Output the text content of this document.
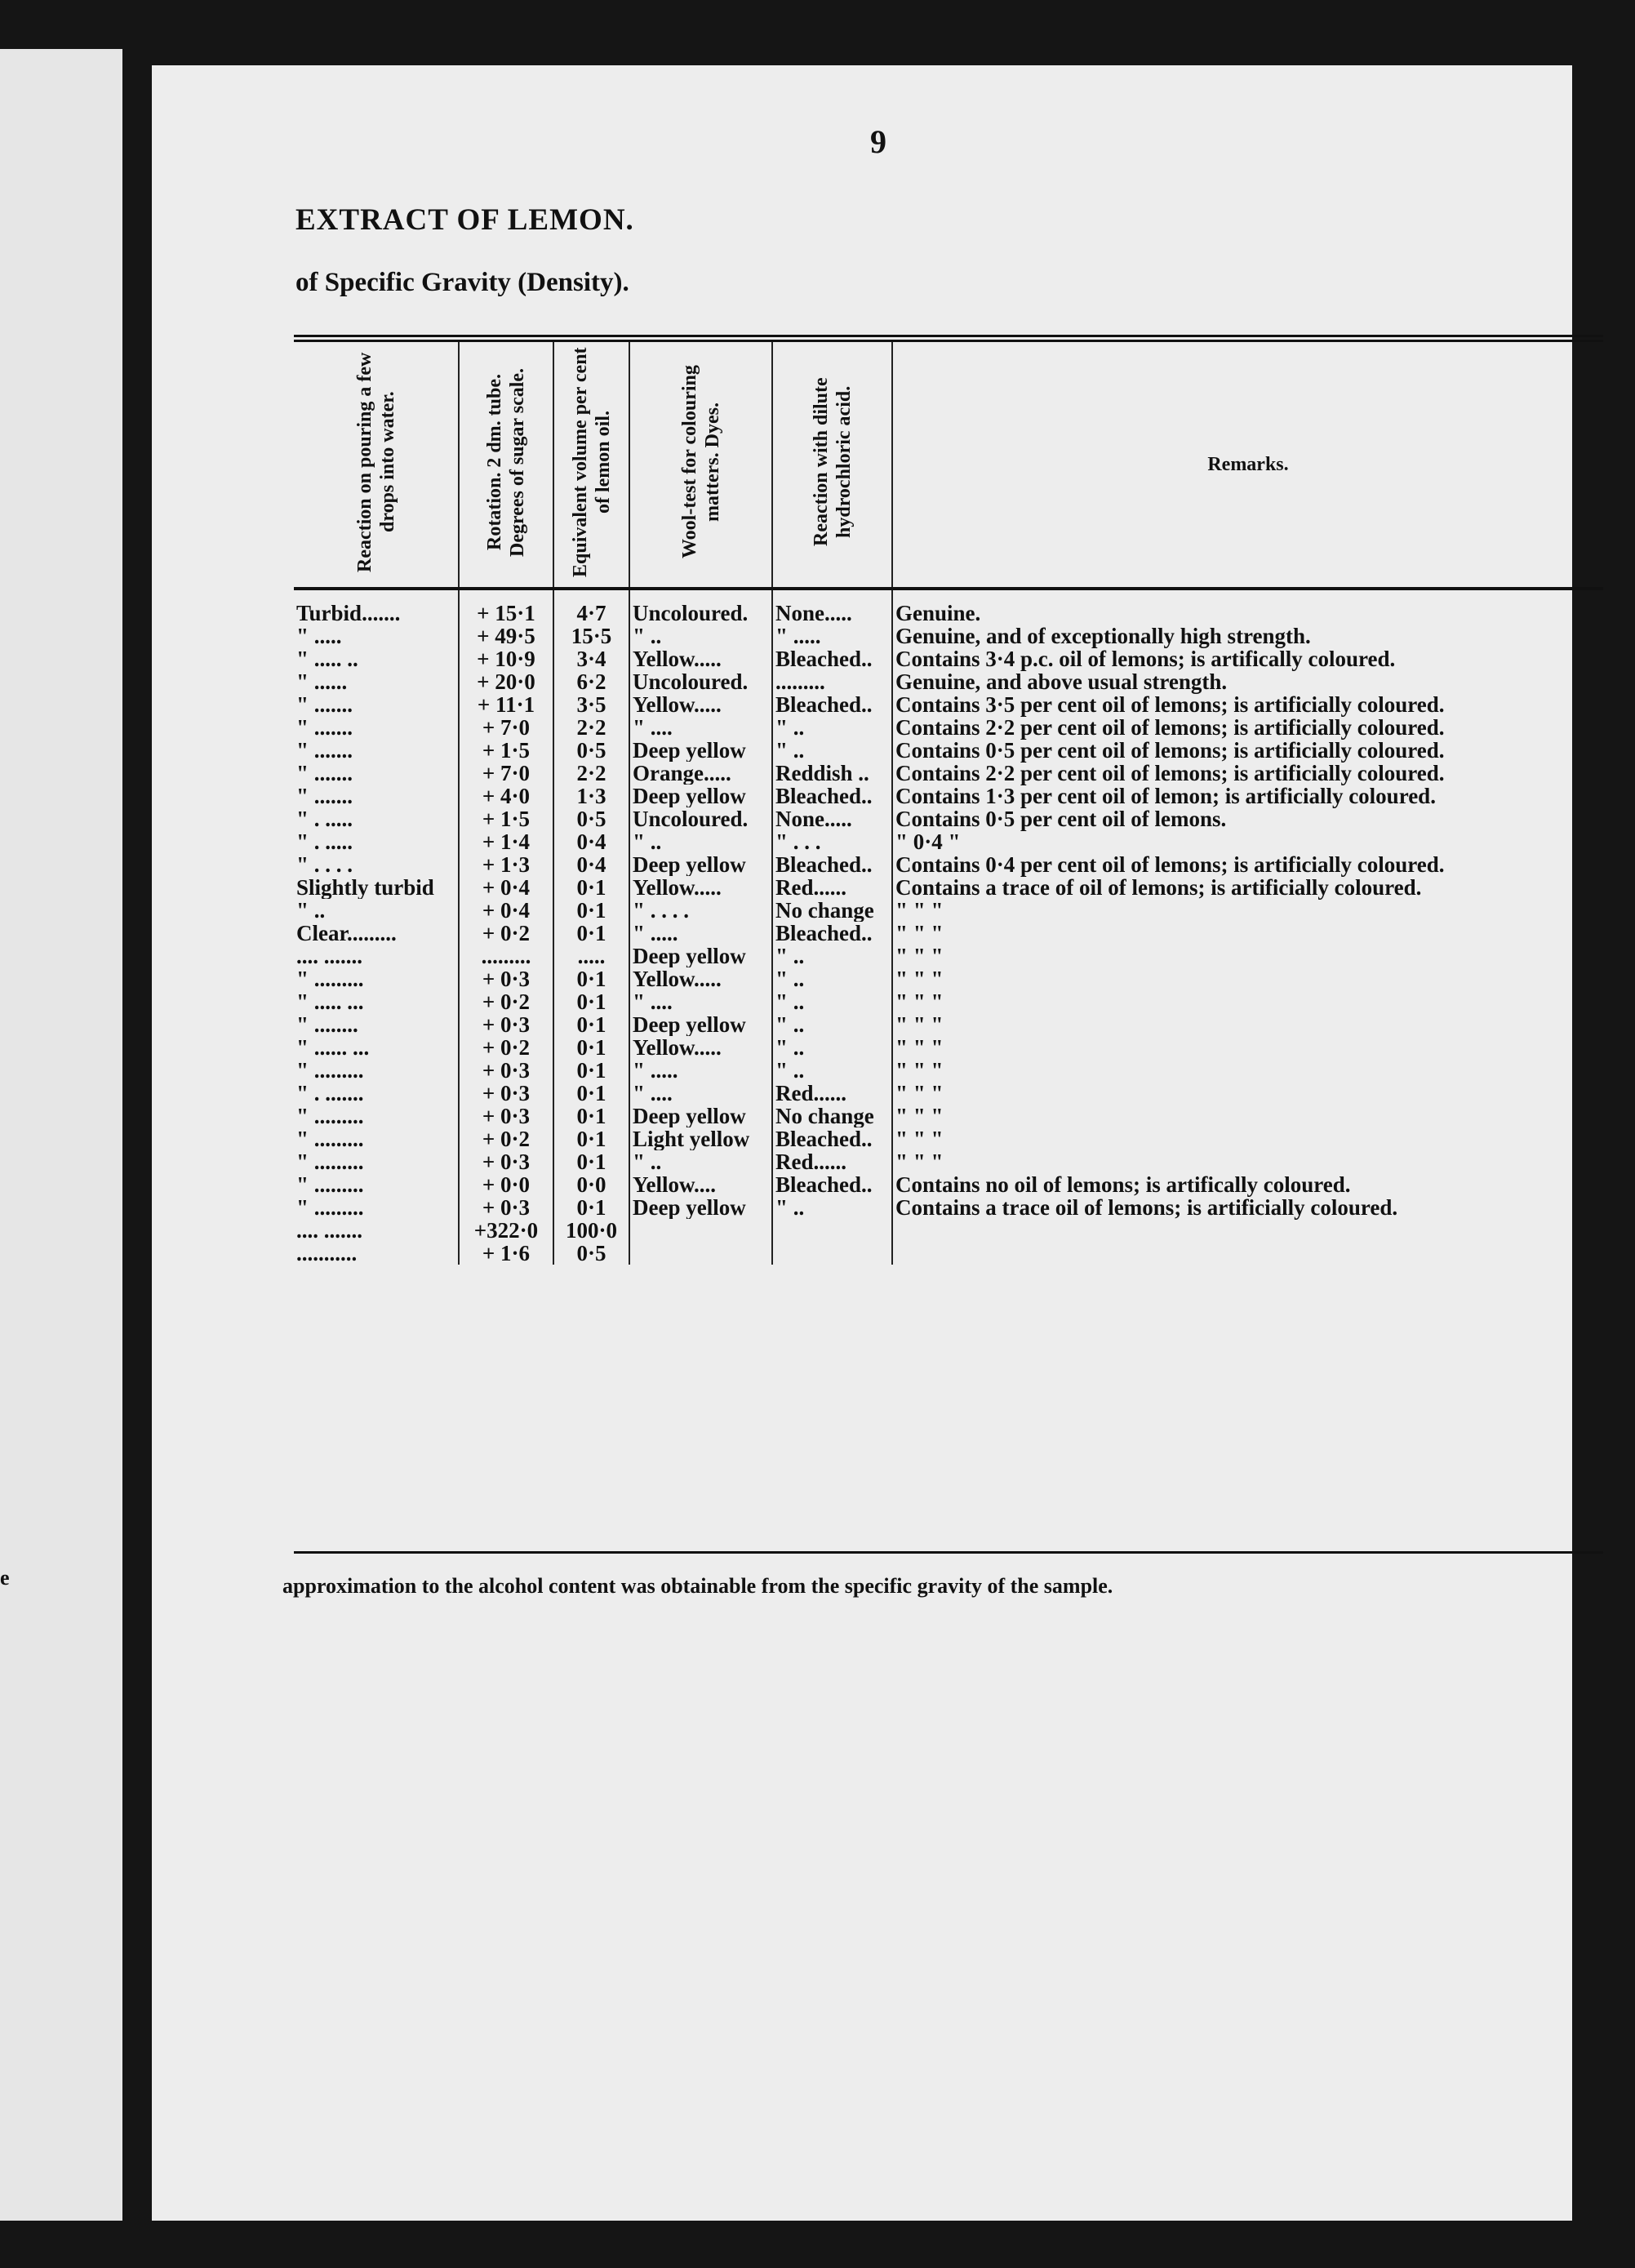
e
9
EXTRACT OF LEMON.
of Specific Gravity (Density).
Reaction on pouring a few drops into water.	Rotation. 2 dm. tube. Degrees of sugar scale.	Equivalent volume per cent of lemon oil.	Wool-test for colouring matters. Dyes.	Reaction with dilute hydrochloric acid.	Remarks.
Turbid.......	+ 15·1	4·7	Uncoloured.	None.....	Genuine.
" .....	+ 49·5	15·5	" ..	" .....	Genuine, and of exceptionally high strength.
" ..... ..	+ 10·9	3·4	Yellow.....	Bleached..	Contains 3·4 p.c. oil of lemons; is artifically coloured.
" ......	+ 20·0	6·2	Uncoloured.	.........	Genuine, and above usual strength.
" .......	+ 11·1	3·5	Yellow.....	Bleached..	Contains 3·5 per cent oil of lemons; is artificially coloured.
" .......	+ 7·0	2·2	" ....	" ..	Contains 2·2 per cent oil of lemons; is artificially coloured.
" .......	+ 1·5	0·5	Deep yellow	" ..	Contains 0·5 per cent oil of lemons; is artificially coloured.
" .......	+ 7·0	2·2	Orange.....	Reddish ..	Contains 2·2 per cent oil of lemons; is artificially coloured.
" .......	+ 4·0	1·3	Deep yellow	Bleached..	Contains 1·3 per cent oil of lemon; is artificially coloured.
" . .....	+ 1·5	0·5	Uncoloured.	None.....	Contains 0·5 per cent oil of lemons.
" . .....	+ 1·4	0·4	" ..	" . . .	" 0·4 "
" . . . .	+ 1·3	0·4	Deep yellow	Bleached..	Contains 0·4 per cent oil of lemons; is artificially coloured.
Slightly turbid	+ 0·4	0·1	Yellow.....	Red......	Contains a trace of oil of lemons; is artificially coloured.
" ..	+ 0·4	0·1	" . . . .	No change	" " "
Clear.........	+ 0·2	0·1	" .....	Bleached..	" " "
.... .......	.........	.....	Deep yellow	" ..	" " "
" .........	+ 0·3	0·1	Yellow.....	" ..	" " "
" ..... ...	+ 0·2	0·1	" ....	" ..	" " "
" ........	+ 0·3	0·1	Deep yellow	" ..	" " "
" ...... ...	+ 0·2	0·1	Yellow.....	" ..	" " "
" .........	+ 0·3	0·1	" .....	" ..	" " "
" . .......	+ 0·3	0·1	" ....	Red......	" " "
" .........	+ 0·3	0·1	Deep yellow	No change	" " "
" .........	+ 0·2	0·1	Light yellow	Bleached..	" " "
" .........	+ 0·3	0·1	" ..	Red......	" " "
" .........	+ 0·0	0·0	Yellow....	Bleached..	Contains no oil of lemons; is artifically coloured.
" .........	+ 0·3	0·1	Deep yellow	" ..	Contains a trace oil of lemons; is artificially coloured.
.... .......	+322·0	100·0			
...........	+ 1·6	0·5			
approximation to the alcohol content was obtainable from the specific gravity of the sample.
